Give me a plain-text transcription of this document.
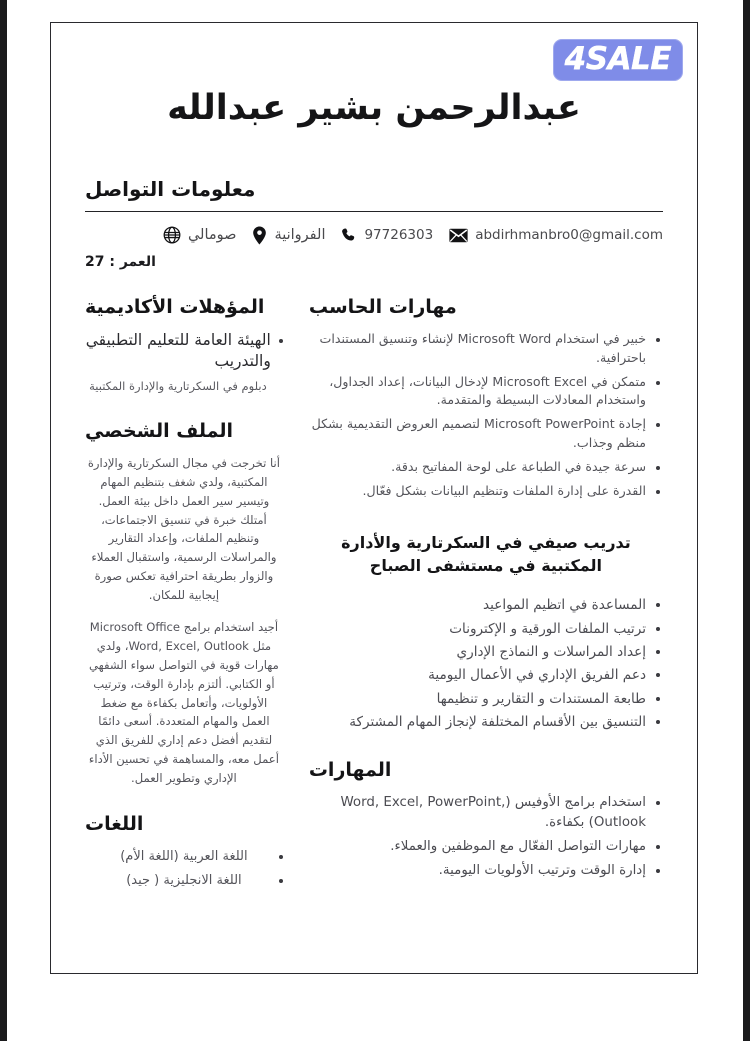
4SALE
عبدالرحمن بشير عبدالله
معلومات التواصل
abdirhmanbro0@gmail.com
97726303
الفروانية
صومالي
العمر : 27
مهارات الحاسب
خبير في استخدام Microsoft Word لإنشاء وتنسيق المستندات باحترافية.
متمكن في Microsoft Excel لإدخال البيانات، إعداد الجداول، واستخدام المعادلات البسيطة والمتقدمة.
إجادة Microsoft PowerPoint لتصميم العروض التقديمية بشكل منظم وجذاب.
سرعة جيدة في الطباعة على لوحة المفاتيح بدقة.
القدرة على إدارة الملفات وتنظيم البيانات بشكل فعّال.
تدريب صيفي في السكرتارية والأدارة المكتبية في مستشفى الصباح
المساعدة في اتظيم المواعيد
ترتيب الملفات الورقية و الإكترونات
إعداد المراسلات و النماذج الإداري
دعم الفريق الإداري في الأعمال اليومية
طابعة المستندات و التقارير و تنظيمها
التنسيق بين الأقسام المختلفة لإنجاز المهام المشتركة
المهارات
استخدام برامج الأوفيس (Word, Excel, PowerPoint, Outlook) بكفاءة.
مهارات التواصل الفعّال مع الموظفين والعملاء.
إدارة الوقت وترتيب الأولويات اليومية.
المؤهلات الأكاديمية
الهيئة العامة للتعليم التطبيقي والتدريب
دبلوم في السكرتارية والإدارة المكتبية
الملف الشخصي

أنا تخرجت في مجال السكرتارية والإدارة المكتبية، ولدي شغف بتنظيم المهام وتيسير سير العمل داخل بيئة العمل. أمتلك خبرة في تنسيق الاجتماعات، وتنظيم الملفات، وإعداد التقارير والمراسلات الرسمية، واستقبال العملاء والزوار بطريقة احترافية تعكس صورة إيجابية للمكان.

أجيد استخدام برامج Microsoft Office مثل Word, Excel, Outlook، ولدي مهارات قوية في التواصل سواء الشفهي أو الكتابي. ألتزم بإدارة الوقت، وترتيب الأولويات، وأتعامل بكفاءة مع ضغط العمل والمهام المتعددة. أسعى دائمًا لتقديم أفضل دعم إداري للفريق الذي أعمل معه، والمساهمة في تحسين الأداء الإداري وتطوير العمل.

اللغات
اللغة العربية (اللغة الأم)
اللغة الانجليزية ( جيد)
